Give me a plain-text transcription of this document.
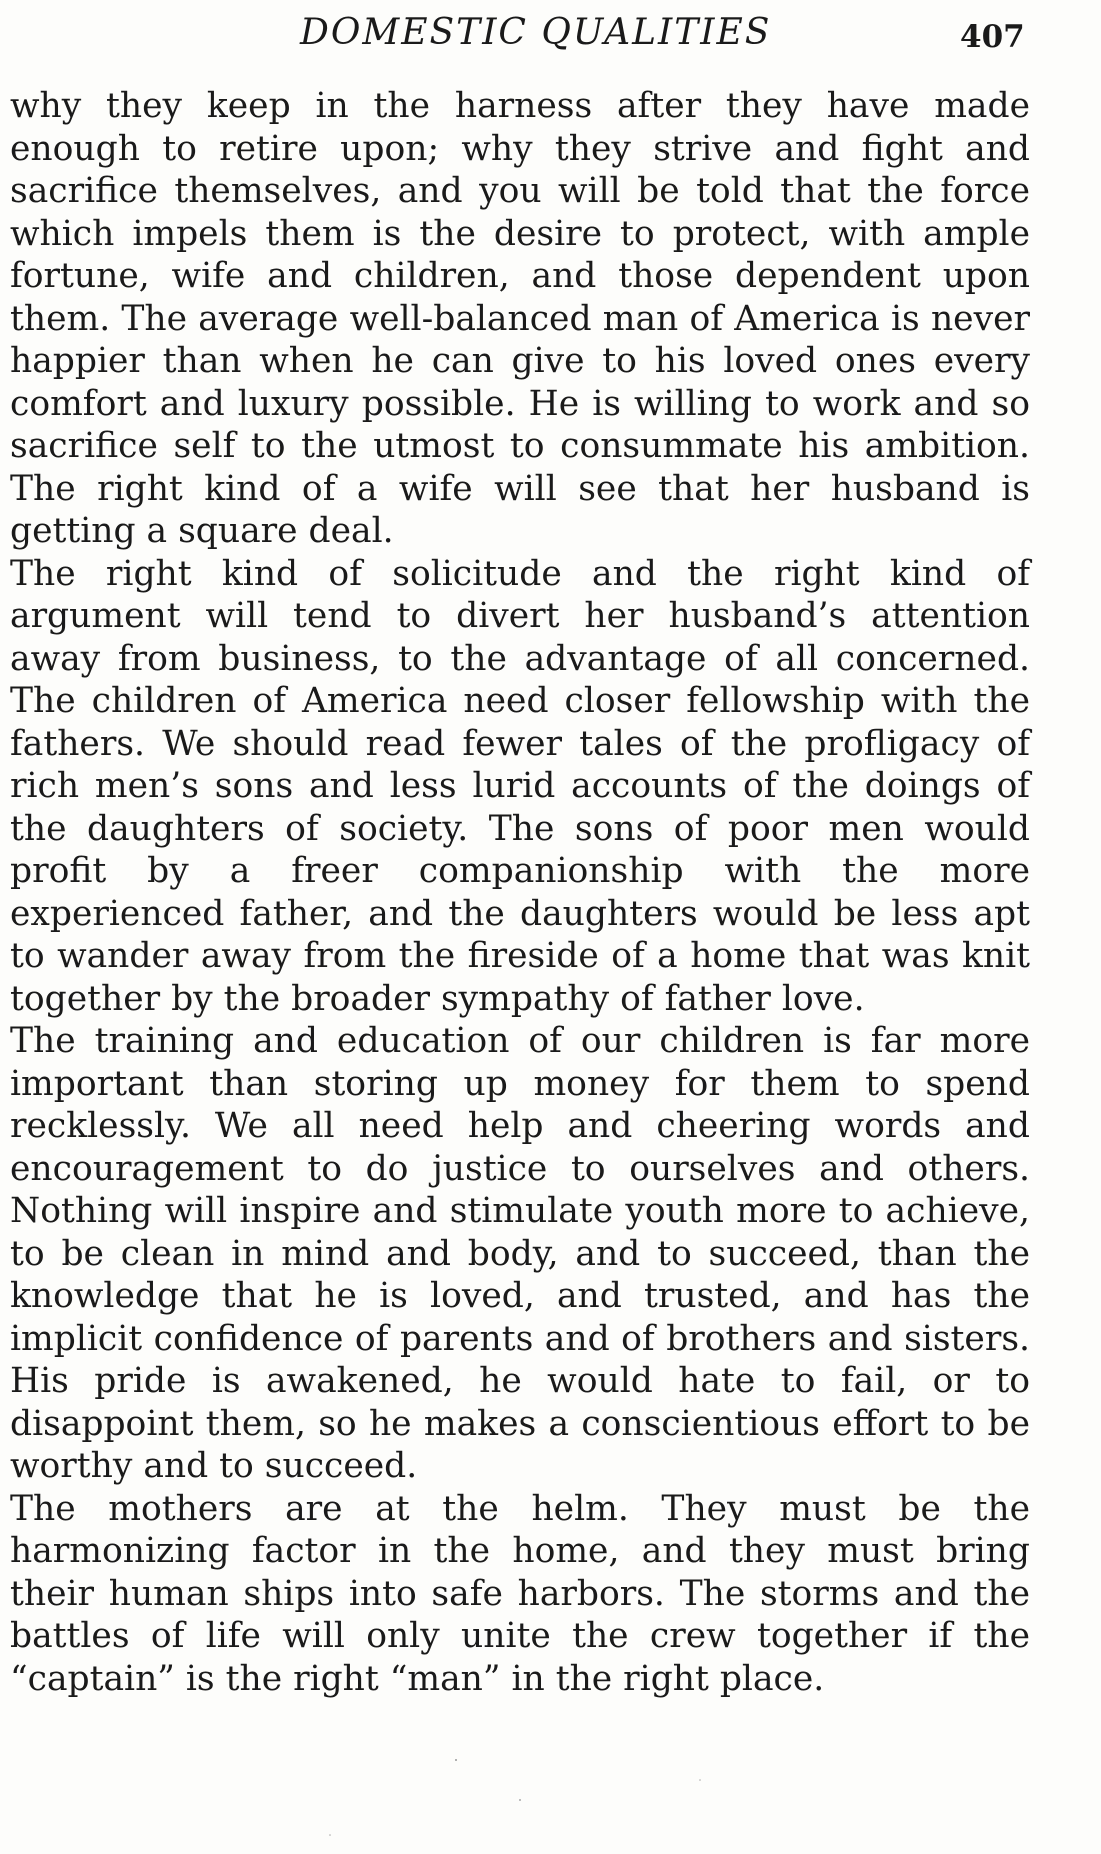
DOMESTIC QUALITIES	407

why they keep in the harness after they have made enough to retire upon; why they strive and fight and sacrifice themselves, and you will be told that the force which impels them is the desire to protect, with ample fortune, wife and children, and those dependent upon them. The average well-balanced man of America is never happier than when he can give to his loved ones every comfort and luxury possible. He is willing to work and so sacrifice self to the utmost to consummate his ambition. The right kind of a wife will see that her husband is getting a square deal.

The right kind of solicitude and the right kind of argument will tend to divert her husband’s attention away from business, to the advantage of all concerned. The children of America need closer fellowship with the fathers. We should read fewer tales of the profligacy of rich men’s sons and less lurid accounts of the doings of the daughters of society. The sons of poor men would profit by a freer companionship with the more experienced father, and the daughters would be less apt to wander away from the fireside of a home that was knit together by the broader sympathy of father love.

The training and education of our children is far more important than storing up money for them to spend recklessly. We all need help and cheering words and encouragement to do justice to ourselves and others. Nothing will inspire and stimulate youth more to achieve, to be clean in mind and body, and to succeed, than the knowledge that he is loved, and trusted, and has the implicit confidence of parents and of brothers and sisters. His pride is awakened, he would hate to fail, or to disappoint them, so he makes a conscientious effort to be worthy and to succeed.

The mothers are at the helm. They must be the harmonizing factor in the home, and they must bring their human ships into safe harbors. The storms and the battles of life will only unite the crew together if the “captain” is the right “man” in the right place.
